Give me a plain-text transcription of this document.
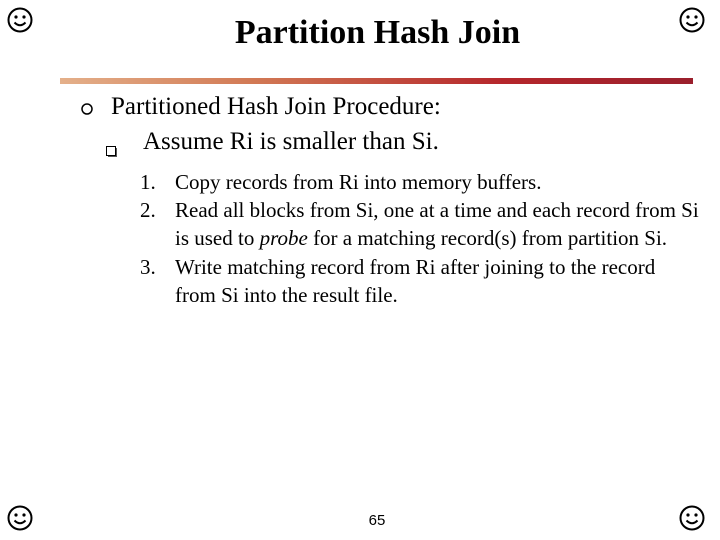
Partition Hash Join
Partitioned Hash Join Procedure:
Assume Ri is smaller than Si.
1. Copy records from Ri into memory buffers.
2. Read all blocks from Si, one at a time and each record from Si is used to probe for a matching record(s) from partition Si.
3. Write matching record from Ri after joining to the record from Si into the result file.
65
